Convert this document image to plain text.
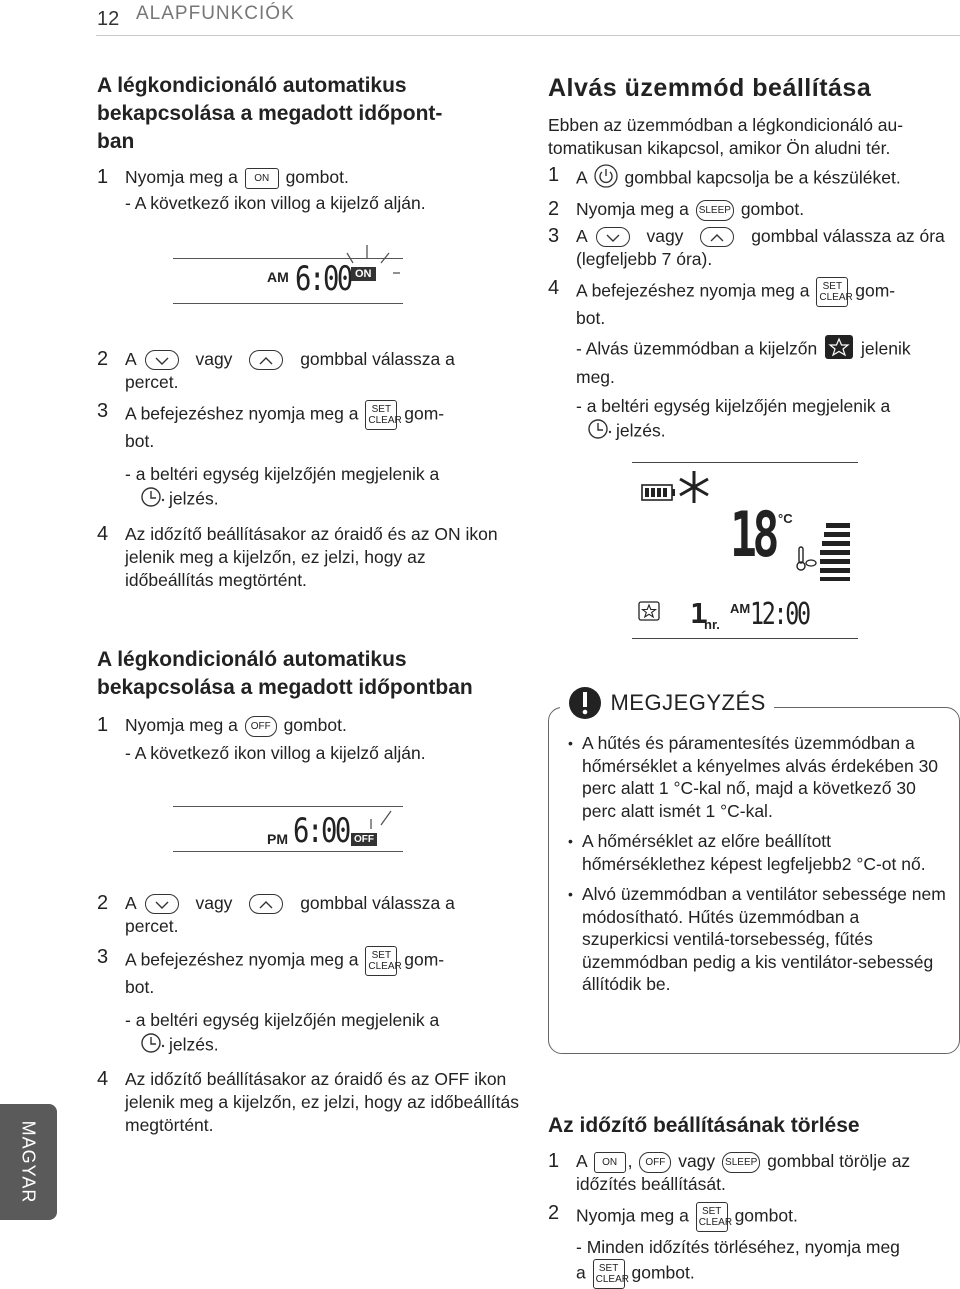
12 ALAPFUNKCIÓK
MAGYAR
A légkondicionáló automatikus
bekapcsolása a megadott időpont-
ban
1 Nyomja meg a ON gombot.
- A következő ikon villog a kijelző alján.
AM 6:00 ON
2 A	vagy	gombbal válassza a
percet.
3 A befejezéshez nyomja meg a SET
CLEAR gom-
bot.
- a beltéri egység kijelzőjén megjelenik a
jelzés.
4 Az időzítő beállításakor az óraidő és az ON ikon jelenik meg a kijelzőn, ez jelzi, hogy az időbeállítás megtörtént.
A légkondicionáló automatikus
bekapcsolása a megadott időpontban
1 Nyomja meg a OFF gombot.
- A következő ikon villog a kijelző alján.
PM 6:00 OFF
2 A	vagy	gombbal válassza a
percet.
3 A befejezéshez nyomja meg a SET
CLEAR gom-
bot.
- a beltéri egység kijelzőjén megjelenik a
jelzés.
4 Az időzítő beállításakor az óraidő és az OFF ikon jelenik meg a kijelzőn, ez jelzi, hogy az időbeállítás megtörtént.
Alvás üzemmód beállítása
Ebben az üzemmódban a légkondicionáló au-
tomatikusan kikapcsol, amikor Ön aludni tér.
1 A gombbal kapcsolja be a készüléket.
2 Nyomja meg a SLEEP gombot.
3 A	vagy	gombbal válassza az óra
(legfeljebb 7 óra).
4 A befejezéshez nyomja meg a SET
CLEAR gom-
bot.
- Alvás üzemmódban a kijelzőn	jelenik
meg.
- a beltéri egység kijelzőjén megjelenik a
jelzés.
18 °C
1
hr.
AM 12:00
MEGJEGYZÉS
• A hűtés és páramentesítés üzemmódban a hőmérséklet a kényelmes alvás érdekében 30 perc alatt 1 °C-kal nő, majd a következő 30 perc alatt ismét 1 °C-kal.
• A hőmérséklet az előre beállított hőmérséklethez képest legfeljebb2 °C-ot nő.
• Alvó üzemmódban a ventilátor sebessége nem módosítható. Hűtés üzemmódban a szuperkicsi ventilá-torsebesség, fűtés üzemmódban pedig a kis ventilátor-sebesség állítódik be.
Az időzítő beállításának törlése
1 A ON , OFF vagy SLEEP gombbal törölje az
időzítés beállítását.
2 Nyomja meg a SET
CLEAR gombot.
- Minden időzítés törléséhez, nyomja meg
a SET
CLEAR gombot.
